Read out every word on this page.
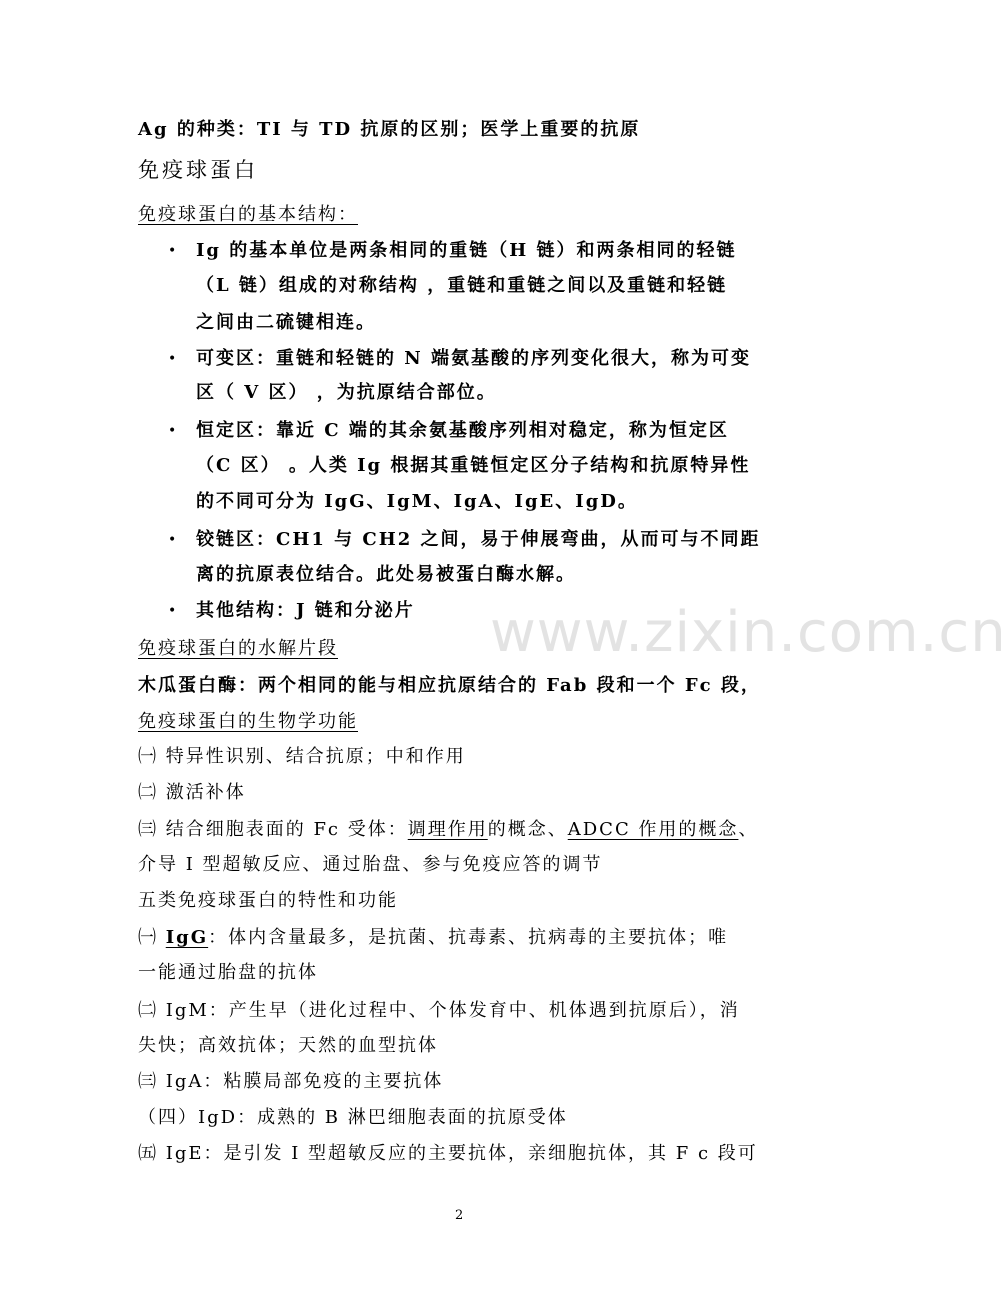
Ag 的种类：TI 与 TD 抗原的区别；医学上重要的抗原
免疫球蛋白
免疫球蛋白的基本结构：
• Ig 的基本单位是两条相同的重链（H 链）和两条相同的轻链
（L 链）组成的对称结构 ，重链和重链之间以及重链和轻链
之间由二硫键相连。
• 可变区：重链和轻链的 N 端氨基酸的序列变化很大，称为可变
区（ V 区） ，为抗原结合部位。
• 恒定区：靠近 C 端的其余氨基酸序列相对稳定，称为恒定区
（C 区） 。人类 Ig 根据其重链恒定区分子结构和抗原特异性
的不同可分为 IgG、IgM、IgA、IgE、IgD。
• 铰链区：CH1 与 CH2 之间，易于伸展弯曲，从而可与不同距
离的抗原表位结合。此处易被蛋白酶水解。
• 其他结构：J 链和分泌片
免疫球蛋白的水解片段
木瓜蛋白酶：两个相同的能与相应抗原结合的 Fab 段和一个 Fc 段，
免疫球蛋白的生物学功能
㈠ 特异性识别、结合抗原；中和作用
㈡ 激活补体
㈢ 结合细胞表面的 Fc 受体：调理作用的概念、ADCC 作用的概念、
介导 I 型超敏反应、通过胎盘、参与免疫应答的调节
五类免疫球蛋白的特性和功能
㈠ IgG：体内含量最多，是抗菌、抗毒素、抗病毒的主要抗体；唯
一能通过胎盘的抗体
㈡ IgM：产生早（进化过程中、个体发育中、机体遇到抗原后），消
失快；高效抗体；天然的血型抗体
㈢ IgA：粘膜局部免疫的主要抗体
（四）IgD：成熟的 B 淋巴细胞表面的抗原受体
㈤ IgE：是引发 I 型超敏反应的主要抗体，亲细胞抗体，其 F c 段可
www.zixin.com.cn
2
